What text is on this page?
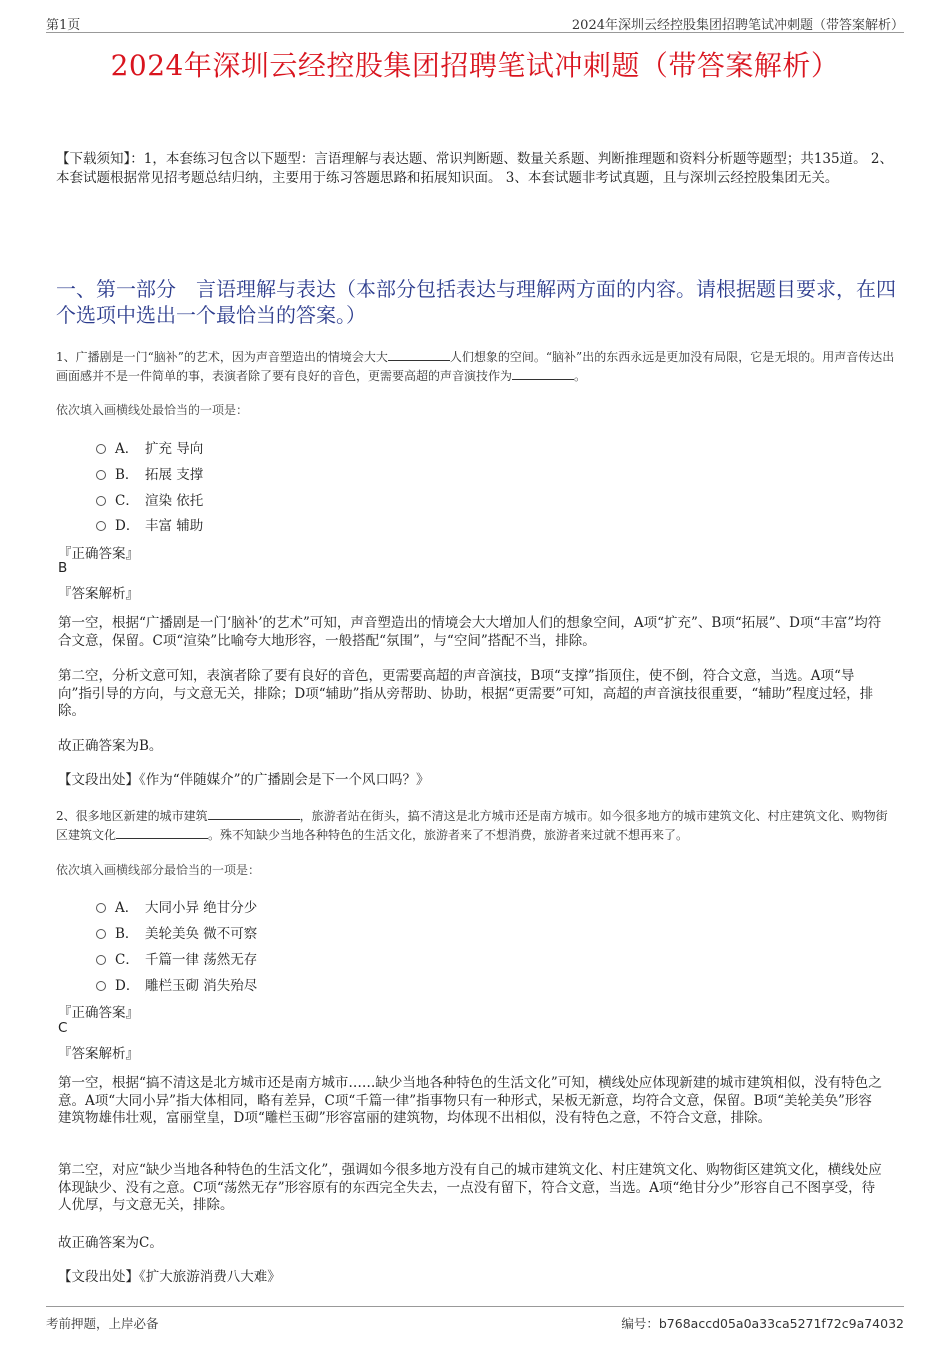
第1页	2024年深圳云经控股集团招聘笔试冲刺题（带答案解析）
2024年深圳云经控股集团招聘笔试冲刺题（带答案解析）
【下载须知】：1，本套练习包含以下题型：言语理解与表达题、常识判断题、数量关系题、判断推理题和资料分析题等题型；共135道。 2、本套试题根据常见招考题总结归纳，主要用于练习答题思路和拓展知识面。 3、本套试题非考试真题，且与深圳云经控股集团无关。
一、第一部分　言语理解与表达（本部分包括表达与理解两方面的内容。请根据题目要求，在四个选项中选出一个最恰当的答案。）
1、广播剧是一门“脑补”的艺术，因为声音塑造出的情境会大大	人们想象的空间。“脑补”出的东西永远是更加没有局限，它是无垠的。用声音传达出画面感并不是一件简单的事，表演者除了要有良好的音色，更需要高超的声音演技作为	。
依次填入画横线处最恰当的一项是：
A． 扩充 导向
B． 拓展 支撑
C． 渲染 依托
D． 丰富 辅助
『正确答案』
B
『答案解析』
第一空，根据“广播剧是一门‘脑补’的艺术”可知，声音塑造出的情境会大大增加人们的想象空间，A项“扩充”、B项“拓展”、D项“丰富”均符合文意，保留。C项“渲染”比喻夸大地形容，一般搭配“氛围”，与“空间”搭配不当，排除。
第二空，分析文意可知，表演者除了要有良好的音色，更需要高超的声音演技，B项“支撑”指顶住，使不倒，符合文意，当选。A项“导向”指引导的方向，与文意无关，排除；D项“辅助”指从旁帮助、协助，根据“更需要”可知，高超的声音演技很重要，“辅助”程度过轻，排除。
故正确答案为B。
【文段出处】《作为“伴随媒介”的广播剧会是下一个风口吗？》
2、很多地区新建的城市建筑	，旅游者站在街头，搞不清这是北方城市还是南方城市。如今很多地方的城市建筑文化、村庄建筑文化、购物街区建筑文化	。殊不知缺少当地各种特色的生活文化，旅游者来了不想消费，旅游者来过就不想再来了。
依次填入画横线部分最恰当的一项是：
A． 大同小异 绝甘分少
B． 美轮美奂 微不可察
C． 千篇一律 荡然无存
D． 雕栏玉砌 消失殆尽
『正确答案』
C
『答案解析』
第一空，根据“搞不清这是北方城市还是南方城市……缺少当地各种特色的生活文化”可知，横线处应体现新建的城市建筑相似，没有特色之意。A项“大同小异”指大体相同，略有差异，C项“千篇一律”指事物只有一种形式，呆板无新意，均符合文意，保留。B项“美轮美奂”形容建筑物雄伟壮观，富丽堂皇，D项“雕栏玉砌”形容富丽的建筑物，均体现不出相似，没有特色之意，不符合文意，排除。
第二空，对应“缺少当地各种特色的生活文化”，强调如今很多地方没有自己的城市建筑文化、村庄建筑文化、购物街区建筑文化，横线处应体现缺少、没有之意。C项“荡然无存”形容原有的东西完全失去，一点没有留下，符合文意，当选。A项“绝甘分少”形容自己不图享受，待人优厚，与文意无关，排除。
故正确答案为C。
【文段出处】《扩大旅游消费八大难》
考前押题，上岸必备	编号：b768accd05a0a33ca5271f72c9a74032
